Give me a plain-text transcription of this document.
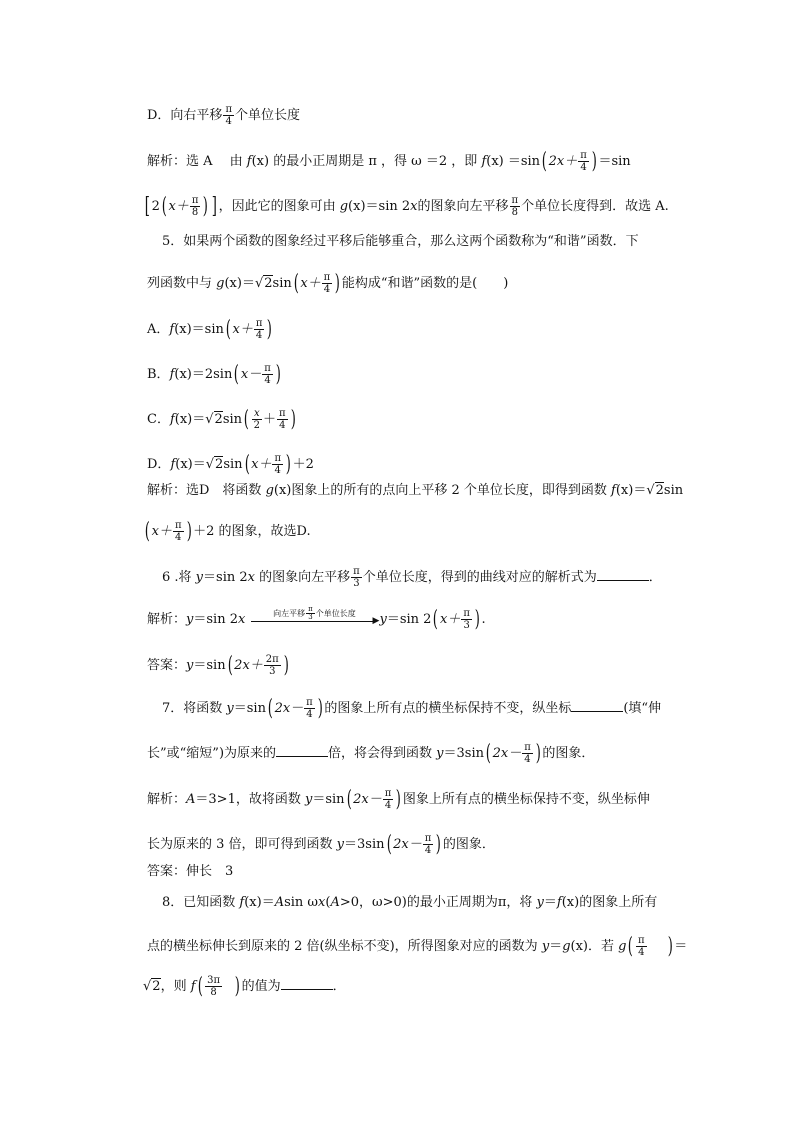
D．向右平移 $\frac{\pi}{4}$ 个单位长度
解析：选 A　 由 f(x) 的最小正周期是 π ，得 ω ＝2 ，即 f(x) ＝sin( $2x+ \frac{\pi}{4}$ ) ＝sin
[ 2( $x+ \frac{\pi}{8}$ ) ] ，因此它的图象可由 g(x)＝sin 2x的图象向左平移 $\frac{\pi}{8}$ 个单位长度得到．故选 A.
5．如果两个函数的图象经过平移后能够重合，那么这两个函数称为“和谐”函数．下
列函数中与 g(x)＝√2sin( $x+ \frac{\pi}{4}$ ) 能构成“和谐”函数的是(　　)
A．f(x)＝sin( $x+ \frac{\pi}{4}$ )
B．f(x)＝2sin( $x- \frac{\pi}{4}$ )
C．$f(x)=√2\sin( \frac{x}{2} + \frac{\pi}{4}$ )
D．f(x)＝√2sin( $x+ \frac{\pi}{4}$ ) ＋2
解析：选D　将函数 g(x)图象上的所有的点向上平移 2 个单位长度，即得到函数 f(x)＝√2sin
( $x+ \frac{\pi}{4}$ ) ＋2 的图象，故选D.
6 .将 y＝sin 2x 的图象向左平移 $\frac{\pi}{3}$ 个单位长度，得到的曲线对应的解析式为	．
解析：y＝sin 2x	向左平移 $\frac{\pi}{3}$ 个单位长度
▶ y＝sin 2( $x+ \frac{\pi}{3}$ ) .
答案：y＝sin( $2x+ \frac{2\pi}{3}$ )
7．将函数 y＝sin( $2x- \frac{\pi}{4}$ ) 的图象上所有点的横坐标保持不变，纵坐标	(填“伸
长”或“缩短”)为原来的	倍，将会得到函数 y＝3sin( $2x- \frac{\pi}{4}$ ) 的图象．
解析：A＝3>1，故将函数 y＝sin( $2x- \frac{\pi}{4}$ ) 图象上所有点的横坐标保持不变，纵坐标伸
长为原来的 3 倍，即可得到函数 y＝3sin( $2x- \frac{\pi}{4}$ ) 的图象．
答案：伸长　3
8．已知函数 f(x)＝Asin ωx(A>0，ω>0)的最小正周期为π，将 y＝f(x)的图象上所有
点的横坐标伸长到原来的 2 倍(纵坐标不变)，所得图象对应的函数为 y＝g(x)．若 $g( \frac{\pi}{4}$ ) ＝
√2，则 $f( \frac{3\pi}{8}$ ) 的值为	．
